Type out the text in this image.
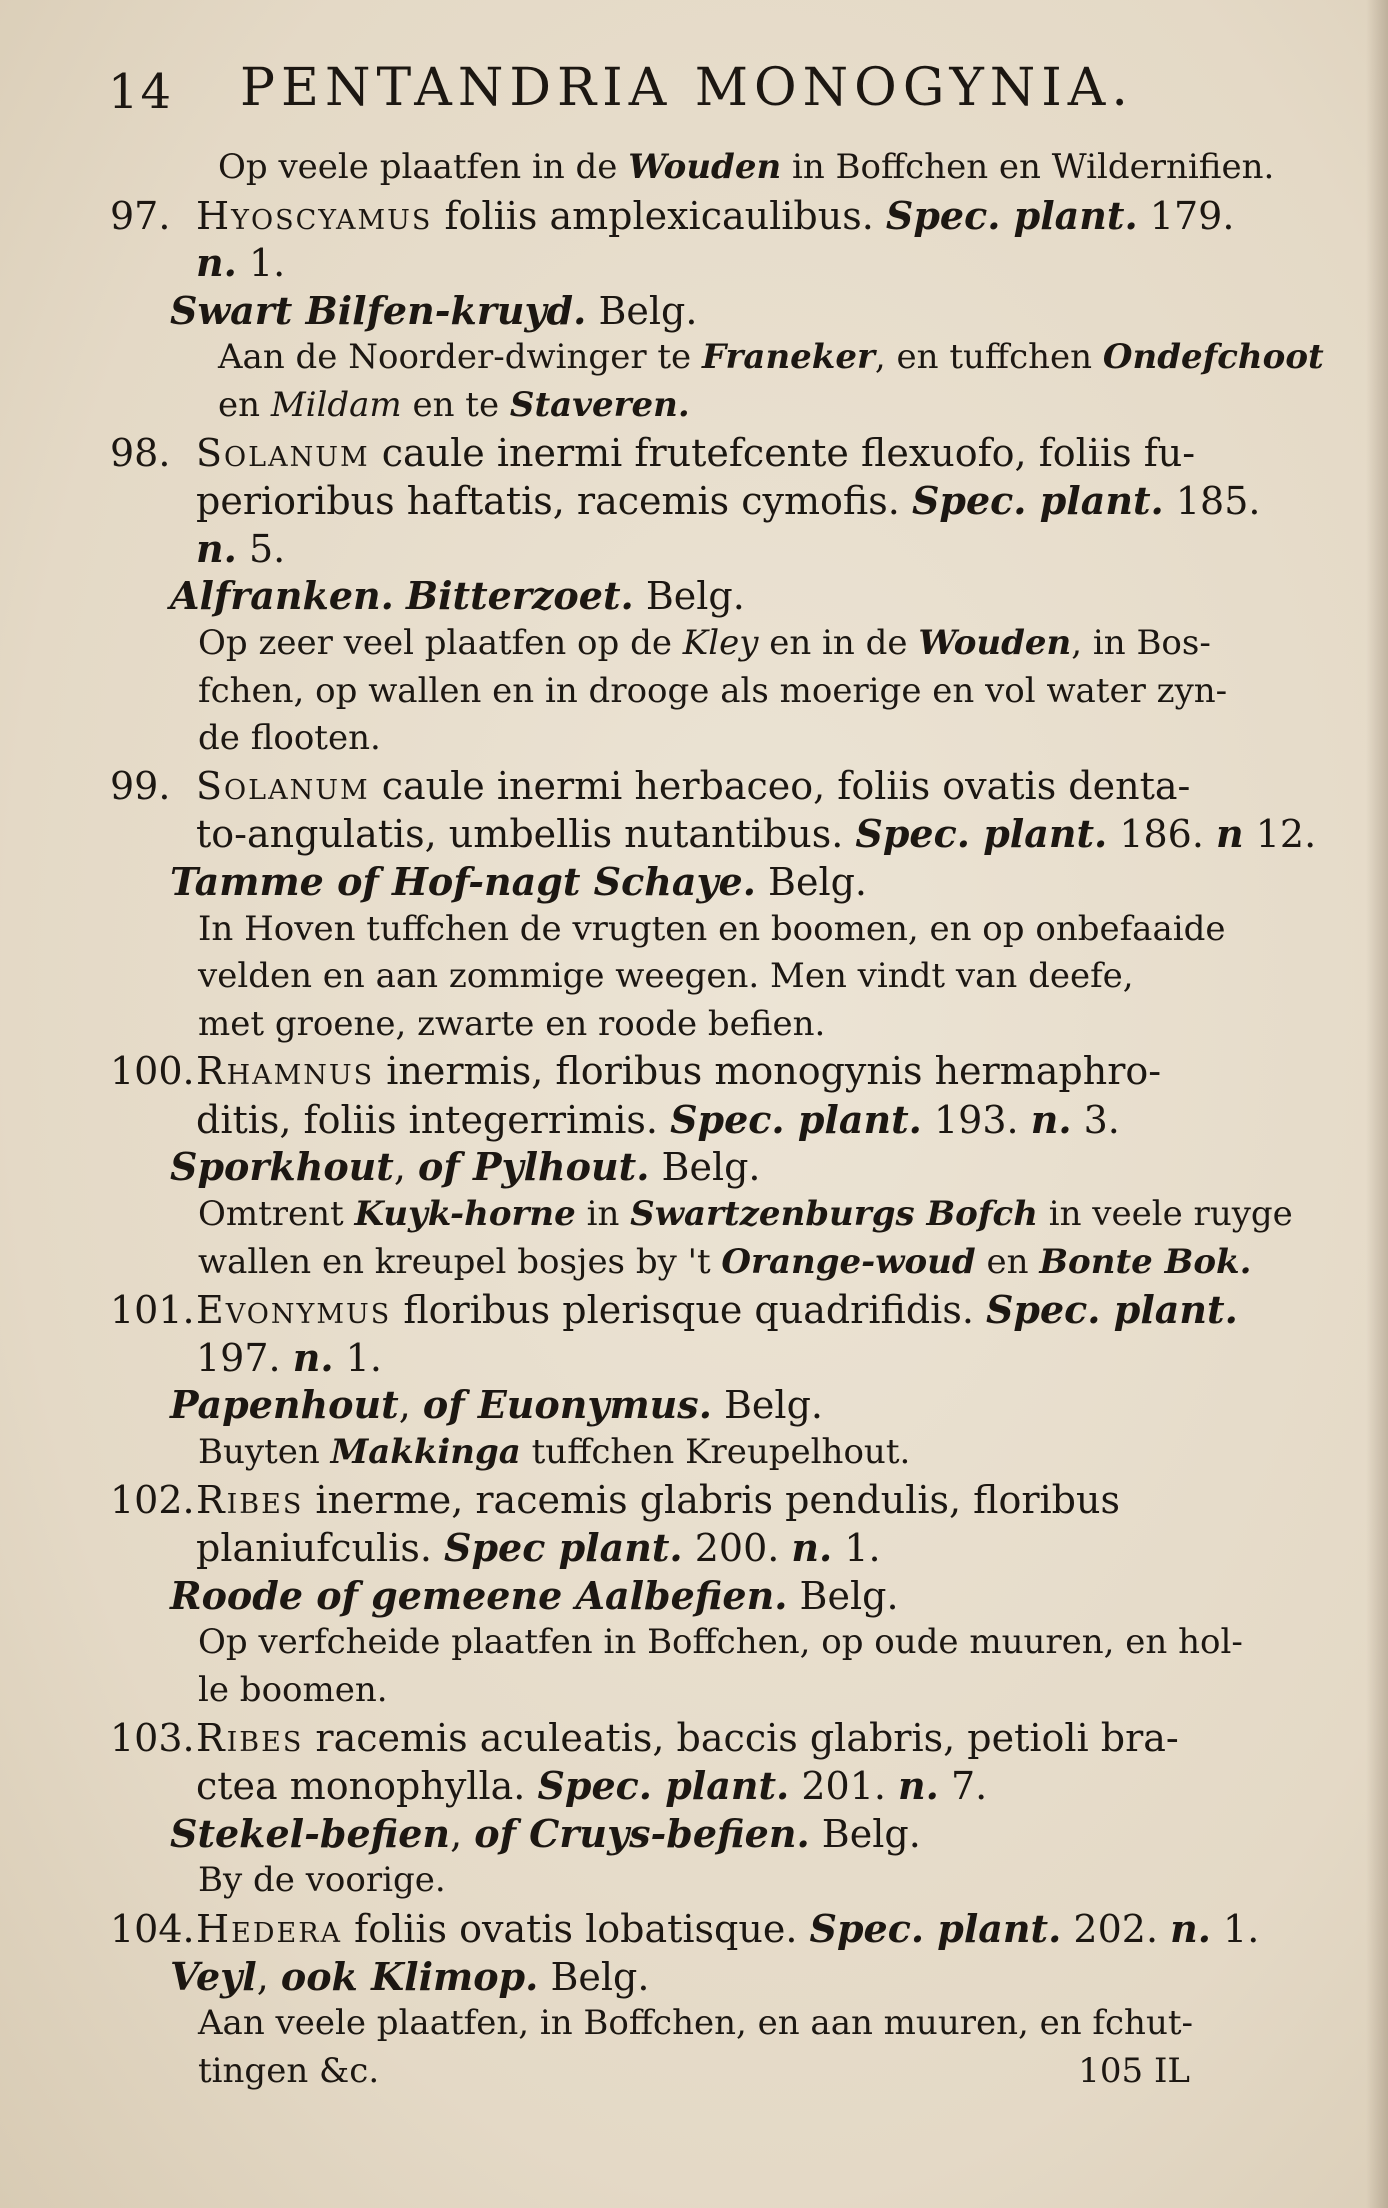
14 PENTANDRIA MONOGYNIA.
Op veele plaatfen in de Wouden in Boffchen en Wildernifien.
97. Hyoscyamus foliis amplexicaulibus. Spec. plant. 179.
n. 1.
Swart Bilfen-kruyd. Belg.
Aan de Noorder-dwinger te Franeker, en tuffchen Ondefchoot
en Mildam en te Staveren.
98. Solanum caule inermi frutefcente flexuofo, foliis fu-
perioribus haftatis, racemis cymofis. Spec. plant. 185.
n. 5.
Alfranken. Bitterzoet. Belg.
Op zeer veel plaatfen op de Kley en in de Wouden, in Bos-
fchen, op wallen en in drooge als moerige en vol water zyn-
de flooten.
99. Solanum caule inermi herbaceo, foliis ovatis denta-
to-angulatis, umbellis nutantibus. Spec. plant. 186. n 12.
Tamme of Hof-nagt Schaye. Belg.
In Hoven tuffchen de vrugten en boomen, en op onbefaaide
velden en aan zommige weegen. Men vindt van deefe,
met groene, zwarte en roode befien.
100.Rhamnus inermis, floribus monogynis hermaphro-
ditis, foliis integerrimis. Spec. plant. 193. n. 3.
Sporkhout, of Pylhout. Belg.
Omtrent Kuyk-horne in Swartzenburgs Bofch in veele ruyge
wallen en kreupel bosjes by 't Orange-woud en Bonte Bok.
101.Evonymus floribus plerisque quadrifidis. Spec. plant.
197. n. 1.
Papenhout, of Euonymus. Belg.
Buyten Makkinga tuffchen Kreupelhout.
102.Ribes inerme, racemis glabris pendulis, floribus
planiufculis. Spec plant. 200. n. 1.
Roode of gemeene Aalbefien. Belg.
Op verfcheide plaatfen in Boffchen, op oude muuren, en hol-
le boomen.
103.Ribes racemis aculeatis, baccis glabris, petioli bra-
ctea monophylla. Spec. plant. 201. n. 7.
Stekel-befien, of Cruys-befien. Belg.
By de voorige.
104.Hedera foliis ovatis lobatisque. Spec. plant. 202. n. 1.
Veyl, ook Klimop. Belg.
Aan veele plaatfen, in Boffchen, en aan muuren, en fchut-
tingen &c.	105 IL
